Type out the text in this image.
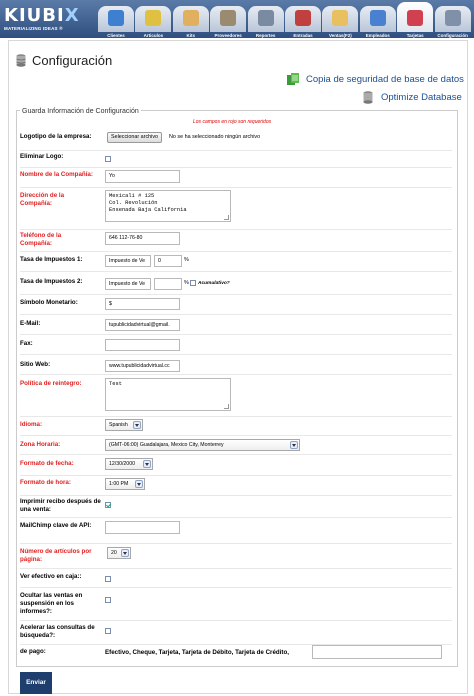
KIUBIX
MATERIALIZING IDEAS ®
Clientes	Articulos	Kits	Proveedores	Reportes	Entradas	Ventas(F2)	Empleados	Tarjetas	Configuración
Configuración
Copia de seguridad de base de datos
Optimize Database
Guarda Información de Configuración
Los campos en rojo son requeridos
Logotipo de la empresa:	Seleccionar archivo	No se ha seleccionado ningún archivo
Eliminar Logo:
Nombre de la Compañía:	Yo
Dirección de la Compañía:
Mexicali # 125
Col. Revolución
Ensenada Baja California
Teléfono de la Compañía:
646 112-76-80
Tasa de Impuestos 1:	Impuesto de Ve	0	%
Tasa de Impuestos 2:	Impuesto de Ve	% Acumulativo?
Símbolo Monetario:	$
E-Mail:	tupublicidadvirtual@gmail.
Fax:
Sitio Web:	www.tupublicidadvirtual.cc
Política de reintegro:	Test
Idioma:	Spanish
Zona Horaria:	(GMT-06:00) Guadalajara, Mexico City, Monterrey
Formato de fecha:	12/30/2000
Formato de hora:	1:00 PM
Imprimir recibo después de una venta:
MailChimp clave de API:
Número de artículos por página:
20
Ver efectivo en caja::
Ocultar las ventas en suspensión en los informes?:
Acelerar las consultas de búsqueda?:
de pago:	Efectivo, Cheque, Tarjeta, Tarjeta de Débito, Tarjeta de Crédito,
Enviar
